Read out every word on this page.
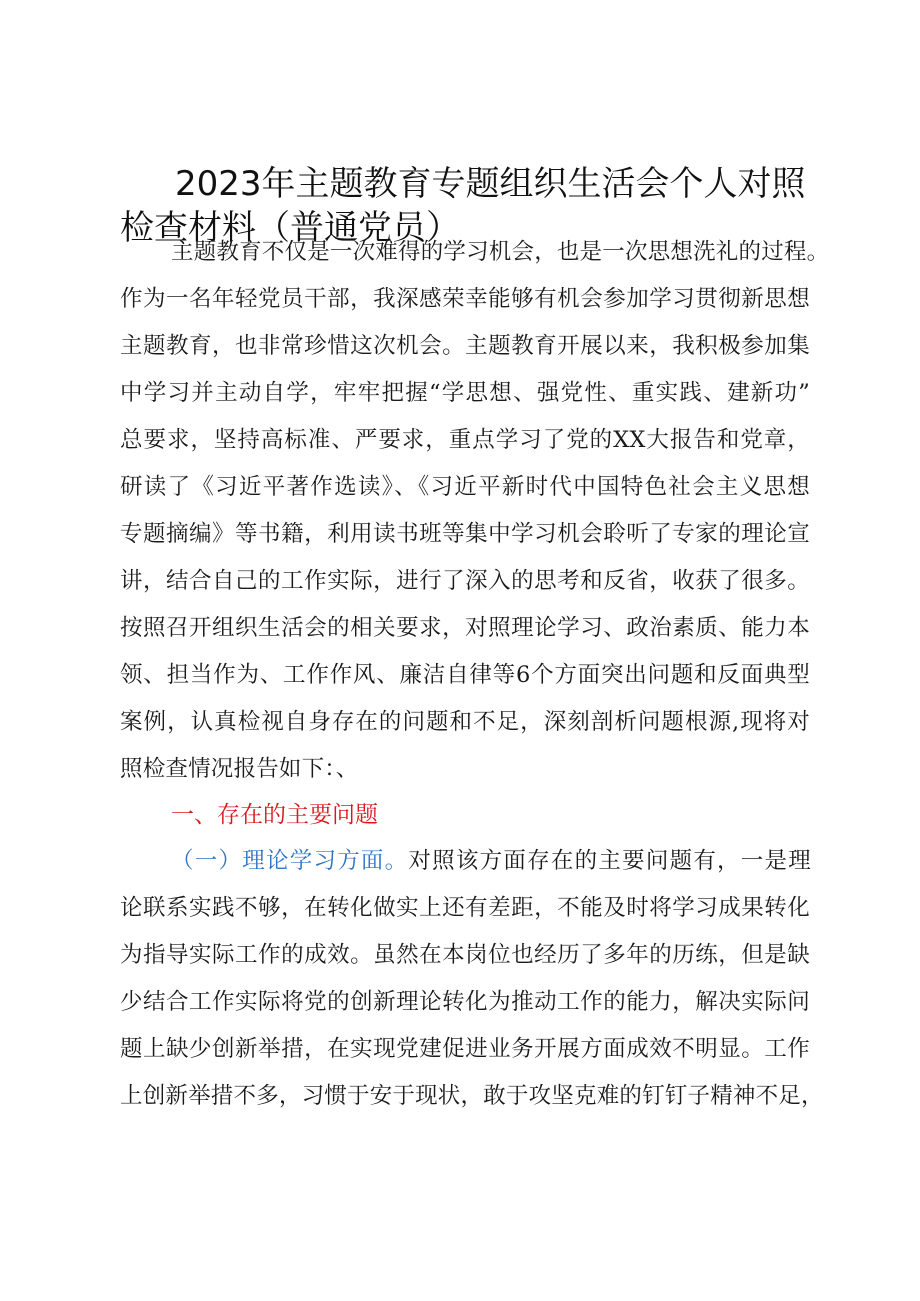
2023年主题教育专题组织生活会个人对照
检查材料（普通党员）
主题教育不仅是一次难得的学习机会，也是一次思想洗礼的过程。
作为一名年轻党员干部，我深感荣幸能够有机会参加学习贯彻新思想
主题教育，也非常珍惜这次机会。主题教育开展以来，我积极参加集
中学习并主动自学，牢牢把握“学思想、强党性、重实践、建新功”
总要求，坚持高标准、严要求，重点学习了党的XX大报告和党章，
研读了《习近平著作选读》、《习近平新时代中国特色社会主义思想
专题摘编》等书籍，利用读书班等集中学习机会聆听了专家的理论宣
讲，结合自己的工作实际，进行了深入的思考和反省，收获了很多。
按照召开组织生活会的相关要求，对照理论学习、政治素质、能力本
领、担当作为、工作作风、廉洁自律等6个方面突出问题和反面典型
案例，认真检视自身存在的问题和不足，深刻剖析问题根源,现将对
一、存在的主要问题
（一）理论学习方面。对照该方面存在的主要问题有，一是理
论联系实践不够，在转化做实上还有差距，不能及时将学习成果转化
为指导实际工作的成效。虽然在本岗位也经历了多年的历练，但是缺
少结合工作实际将党的创新理论转化为推动工作的能力，解决实际问
题上缺少创新举措，在实现党建促进业务开展方面成效不明显。工作
上创新举措不多，习惯于安于现状，敢于攻坚克难的钉钉子精神不足，
照检查情况报告如下：、
